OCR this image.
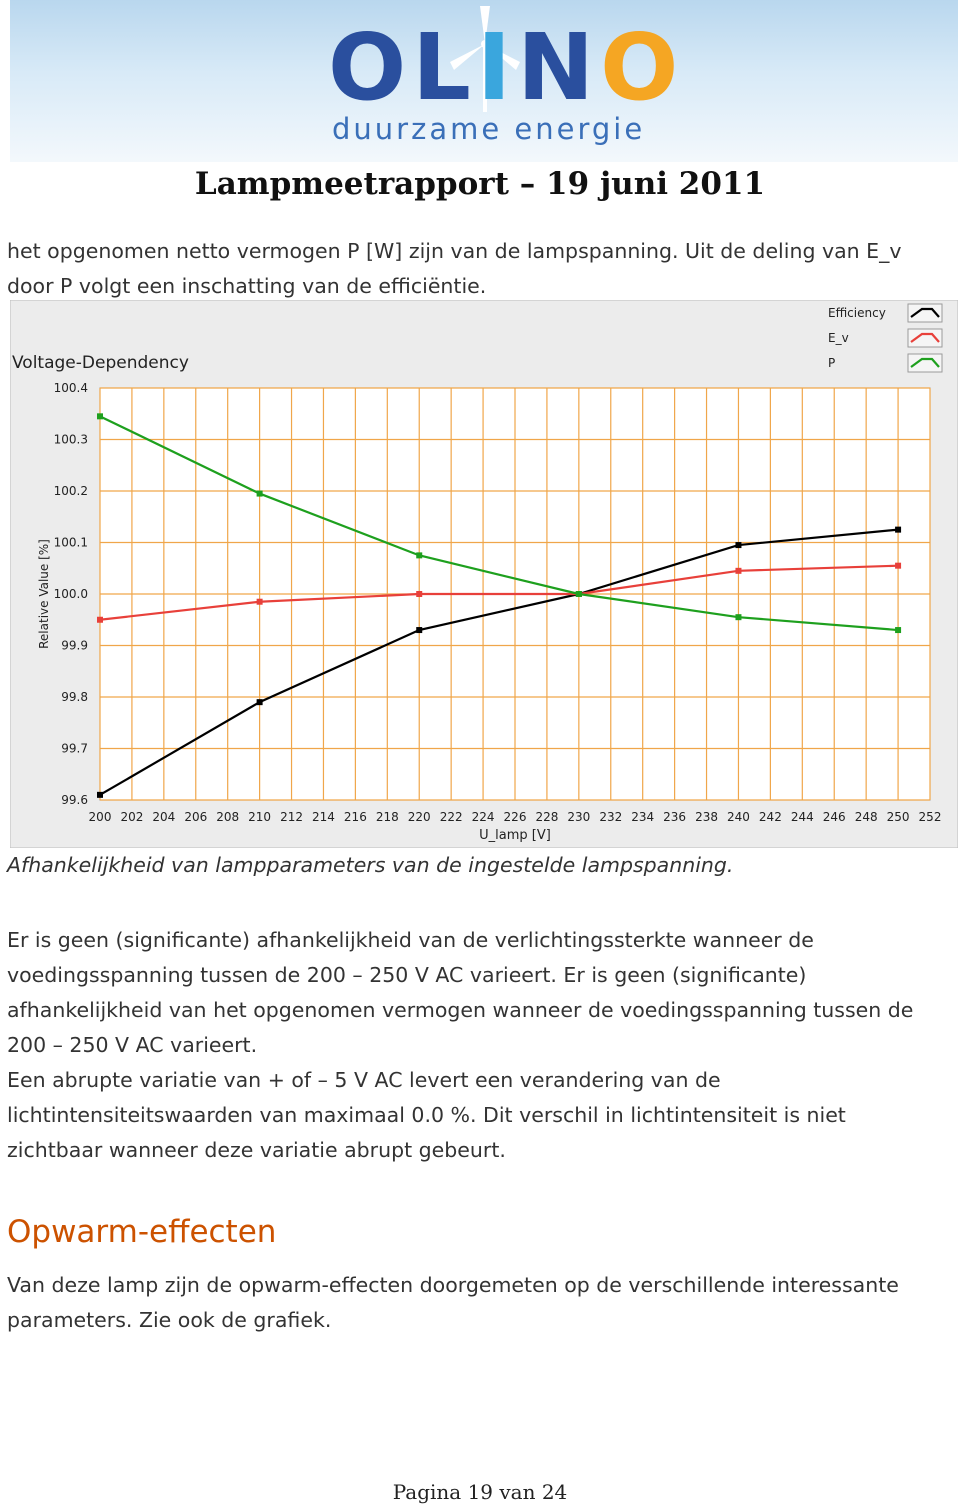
OLINO
duurzame energie
Lampmeetrapport – 19 juni 2011

het opgenomen netto vermogen P [W] zijn van de lampspanning. Uit de deling van E_v
door P volgt een inschatting van de efficiëntie.

99.6
99.7
99.8
99.9
100.0
100.1
100.2
100.3
100.4
200 202 204 206 208 210 212 214 216 218 220 222 224 226 228 230 232 234 236 238 240 242 244 246 248 250 252
Voltage-Dependency
U_lamp [V]
Relative Value [%]
Efficiency
E_v
P
Afhankelijkheid van lampparameters van de ingestelde lampspanning.

Er is geen (significante) afhankelijkheid van de verlichtingssterkte wanneer de
voedingsspanning tussen de 200 – 250 V AC varieert. Er is geen (significante)
afhankelijkheid van het opgenomen vermogen wanneer de voedingsspanning tussen de
200 – 250 V AC varieert.
Een abrupte variatie van + of – 5 V AC levert een verandering van de
lichtintensiteitswaarden van maximaal 0.0 %. Dit verschil in lichtintensiteit is niet
zichtbaar wanneer deze variatie abrupt gebeurt.

Opwarm-effecten

Van deze lamp zijn de opwarm-effecten doorgemeten op de verschillende interessante
parameters. Zie ook de grafiek.

Pagina 19 van 24
